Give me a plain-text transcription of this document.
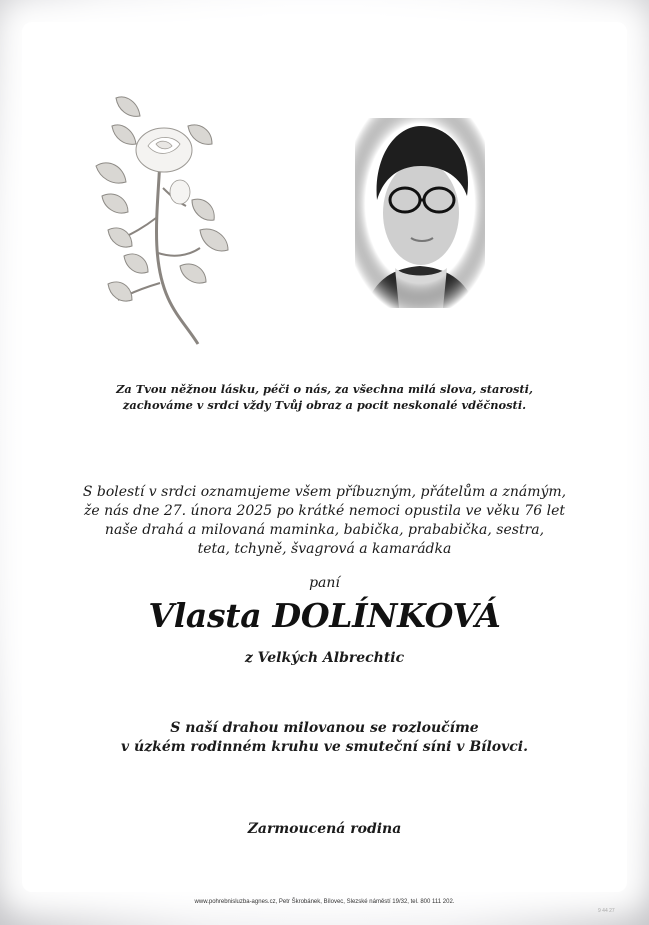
Za Tvou něžnou lásku, péči o nás, za všechna milá slova, starosti,
zachováme v srdci vždy Tvůj obraz a pocit neskonalé vděčnosti.
S bolestí v srdci oznamujeme všem příbuzným, přátelům a známým,
že nás dne 27. února 2025 po krátké nemoci opustila ve věku 76 let
naše drahá a milovaná maminka, babička, prababička, sestra,
teta, tchyně, švagrová a kamarádka
paní
Vlasta DOLÍNKOVÁ
z Velkých Albrechtic
S naší drahou milovanou se rozloučíme
v úzkém rodinném kruhu ve smuteční síni v Bílovci.
Zarmoucená rodina
www.pohrebnisluzba-agnes.cz, Petr Škrobánek, Bílovec, Slezské náměstí 19/32, tel. 800 111 202.
9 44 27
